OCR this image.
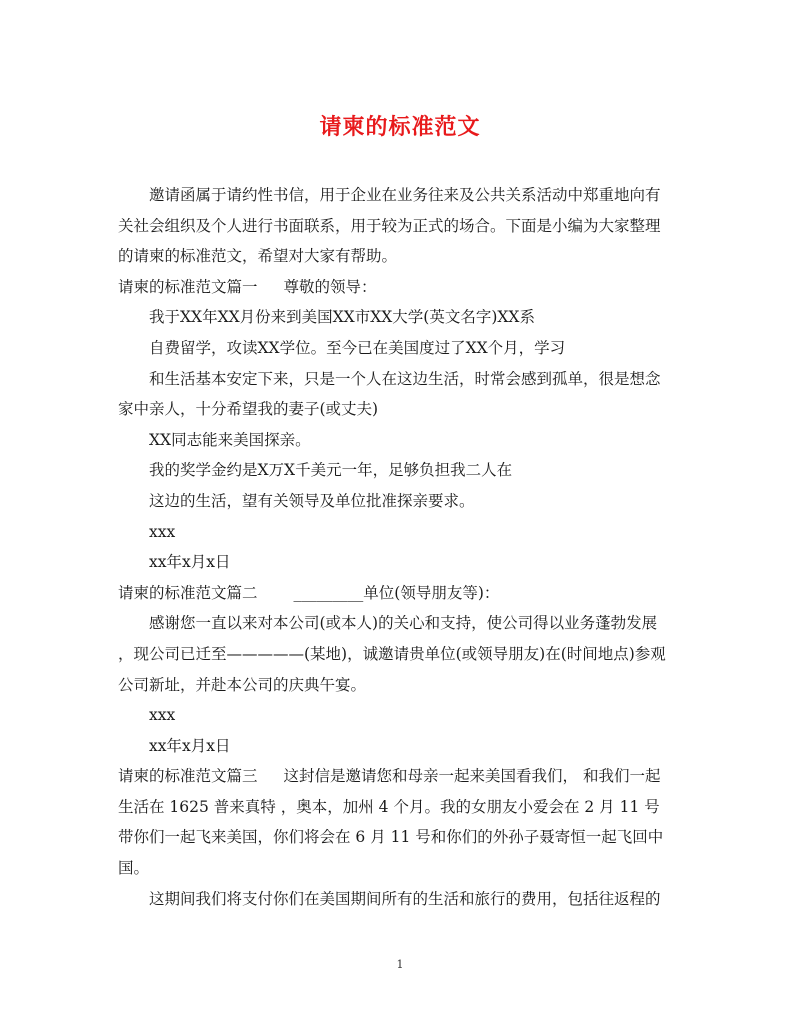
请柬的标准范文
邀请函属于请约性书信，用于企业在业务往来及公共关系活动中郑重地向有
关社会组织及个人进行书面联系，用于较为正式的场合。下面是小编为大家整理
的请柬的标准范文，希望对大家有帮助。
请柬的标准范文篇一 尊敬的领导：
我于XX年XX月份来到美国XX市XX大学(英文名字)XX系
自费留学，攻读XX学位。至今已在美国度过了XX个月，学习
和生活基本安定下来，只是一个人在这边生活，时常会感到孤单，很是想念
家中亲人，十分希望我的妻子(或丈夫)
XX同志能来美国探亲。
我的奖学金约是X万X千美元一年，足够负担我二人在
这边的生活，望有关领导及单位批准探亲要求。
xxx
xx年x月x日
请柬的标准范文篇二 _________单位(领导朋友等)：
感谢您一直以来对本公司(或本人)的关心和支持，使公司得以业务蓬勃发展
，现公司已迁至—————(某地)，诚邀请贵单位(或领导朋友)在(时间地点)参观
公司新址，并赴本公司的庆典午宴。
xxx
xx年x月x日
请柬的标准范文篇三 这封信是邀请您和母亲一起来美国看我们， 和我们一起
生活在 1625 普来真特 ，奥本，加州 4 个月。我的女朋友小爱会在 2 月 11 号
带你们一起飞来美国，你们将会在 6 月 11 号和你们的外孙子聂寄恒一起飞回中
国。
这期间我们将支付你们在美国期间所有的生活和旅行的费用，包括往返程的
1
